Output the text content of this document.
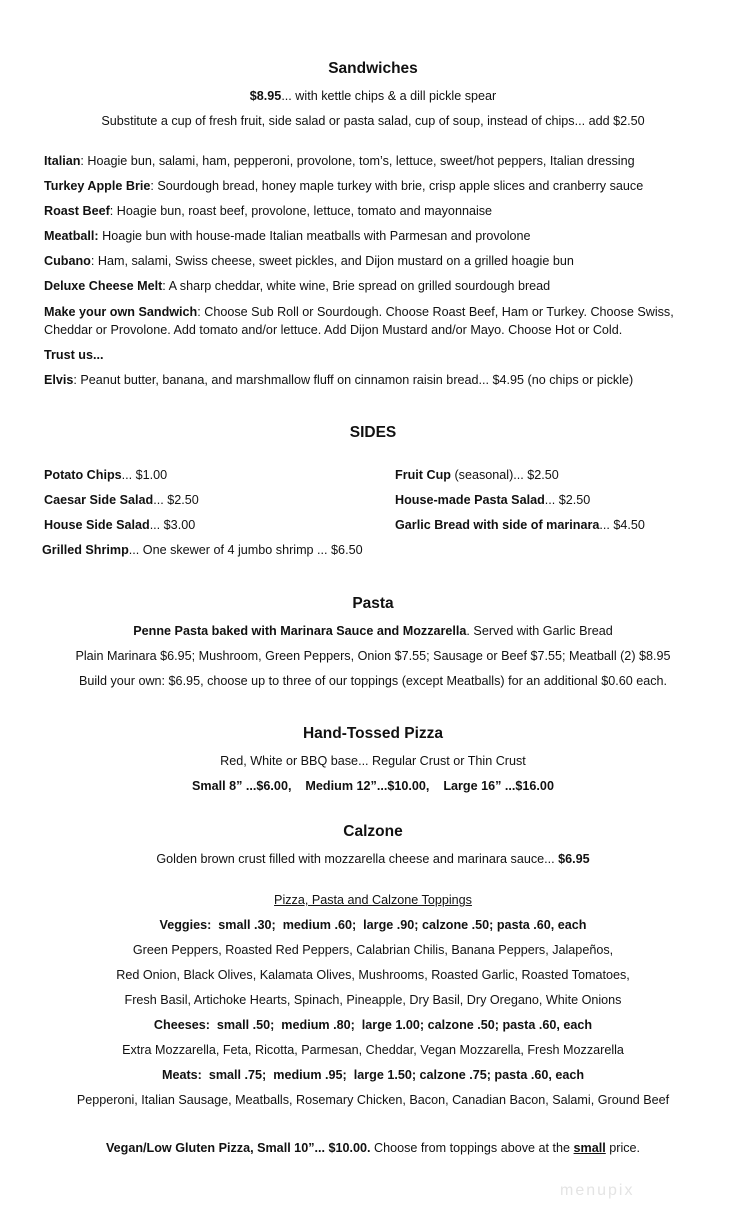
Sandwiches
$8.95... with kettle chips & a dill pickle spear
Substitute a cup of fresh fruit, side salad or pasta salad, cup of soup, instead of chips... add $2.50
Italian: Hoagie bun, salami, ham, pepperoni, provolone, tom’s, lettuce, sweet/hot peppers, Italian dressing
Turkey Apple Brie: Sourdough bread, honey maple turkey with brie, crisp apple slices and cranberry sauce
Roast Beef: Hoagie bun, roast beef, provolone, lettuce, tomato and mayonnaise
Meatball: Hoagie bun with house-made Italian meatballs with Parmesan and provolone
Cubano: Ham, salami, Swiss cheese, sweet pickles, and Dijon mustard on a grilled hoagie bun
Deluxe Cheese Melt: A sharp cheddar, white wine, Brie spread on grilled sourdough bread
Make your own Sandwich: Choose Sub Roll or Sourdough. Choose Roast Beef, Ham or Turkey. Choose Swiss,
Cheddar or Provolone. Add tomato and/or lettuce. Add Dijon Mustard and/or Mayo. Choose Hot or Cold.
Trust us...
Elvis: Peanut butter, banana, and marshmallow fluff on cinnamon raisin bread... $4.95 (no chips or pickle)
SIDES
Potato Chips... $1.00
Caesar Side Salad... $2.50
House Side Salad... $3.00
Grilled Shrimp... One skewer of 4 jumbo shrimp ... $6.50
Fruit Cup (seasonal)... $2.50
House-made Pasta Salad... $2.50
Garlic Bread with side of marinara... $4.50
Pasta
Penne Pasta baked with Marinara Sauce and Mozzarella. Served with Garlic Bread
Plain Marinara $6.95; Mushroom, Green Peppers, Onion $7.55; Sausage or Beef $7.55; Meatball (2) $8.95
Build your own: $6.95, choose up to three of our toppings (except Meatballs) for an additional $0.60 each.
Hand-Tossed Pizza
Red, White or BBQ base... Regular Crust or Thin Crust
Small 8” ...$6.00,    Medium 12”...$10.00,    Large 16” ...$16.00
Calzone
Golden brown crust filled with mozzarella cheese and marinara sauce... $6.95
Pizza, Pasta and Calzone Toppings
Veggies:  small .30;  medium .60;  large .90; calzone .50; pasta .60, each
Green Peppers, Roasted Red Peppers, Calabrian Chilis, Banana Peppers, Jalapeños,
Red Onion, Black Olives, Kalamata Olives, Mushrooms, Roasted Garlic, Roasted Tomatoes,
Fresh Basil, Artichoke Hearts, Spinach, Pineapple, Dry Basil, Dry Oregano, White Onions
Cheeses:  small .50;  medium .80;  large 1.00; calzone .50; pasta .60, each
Extra Mozzarella, Feta, Ricotta, Parmesan, Cheddar, Vegan Mozzarella, Fresh Mozzarella
Meats:  small .75;  medium .95;  large 1.50; calzone .75; pasta .60, each
Pepperoni, Italian Sausage, Meatballs, Rosemary Chicken, Bacon, Canadian Bacon, Salami, Ground Beef
Vegan/Low Gluten Pizza, Small 10”... $10.00. Choose from toppings above at the small price.
menupix
